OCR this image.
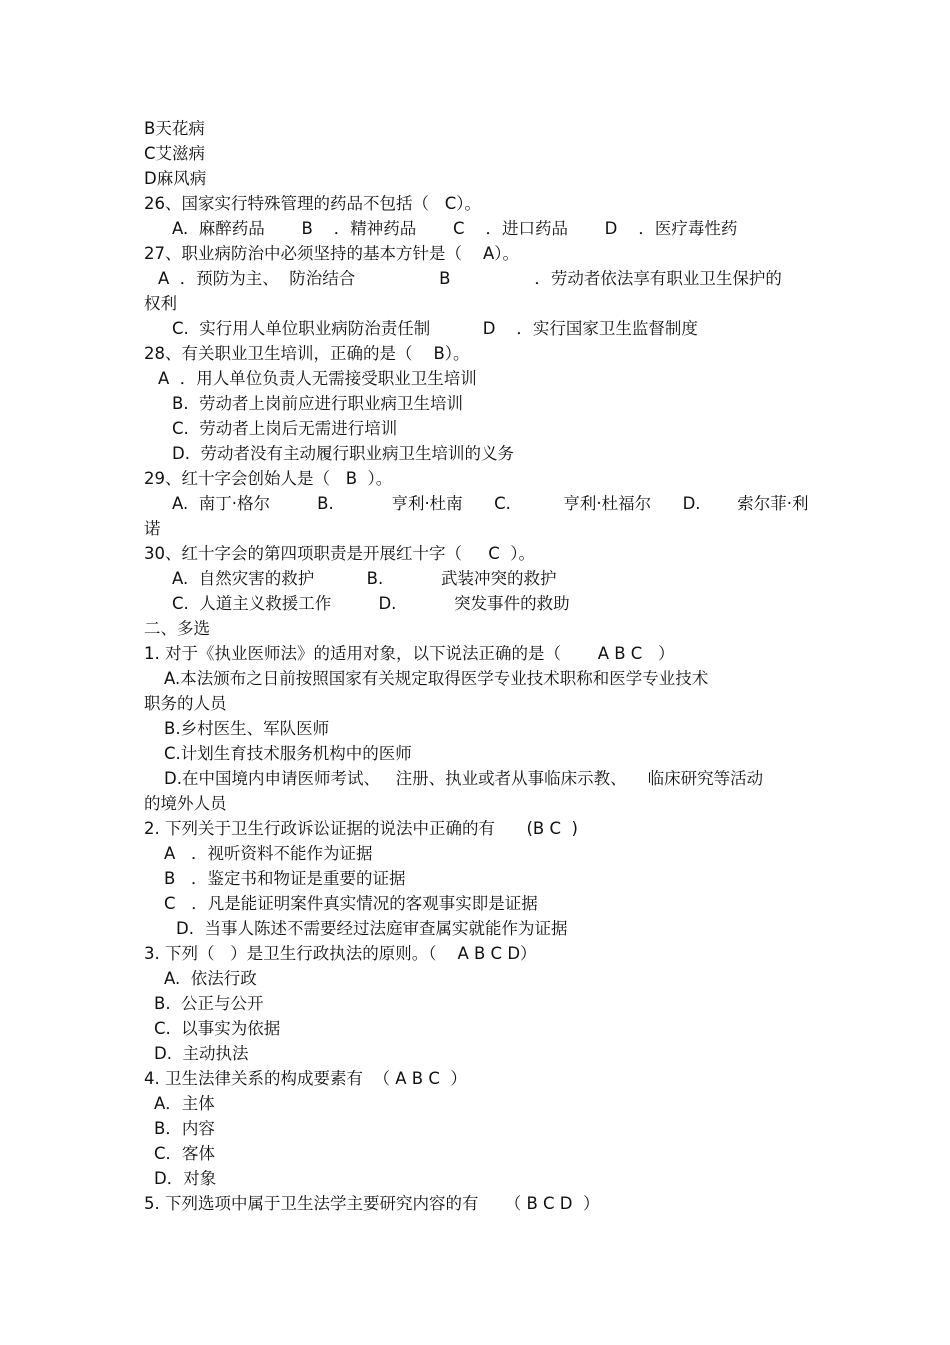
B天花病
C艾滋病
D麻风病
26、国家实行特殊管理的药品不包括（   C）。
A.  麻醉药品       B    ．精神药品       C    ．进口药品       D    ．医疗毒性药
27、职业病防治中必须坚持的基本方针是（    A）。
A  ．预防为主、  防治结合                B                ．劳动者依法享有职业卫生保护的
权利
C.  实行用人单位职业病防治责任制          D    ．实行国家卫生监督制度
28、有关职业卫生培训，正确的是（    B）。
A  ．用人单位负责人无需接受职业卫生培训
B.  劳动者上岗前应进行职业病卫生培训
C.  劳动者上岗后无需进行培训
D.  劳动者没有主动履行职业病卫生培训的义务
29、红十字会创始人是（   B  ）。
A.  南丁·格尔         B.           亨利·杜南      C.          亨利·杜福尔      D.       索尔菲·利
诺
30、红十字会的第四项职责是开展红十字（     C  ）。
A.  自然灾害的救护          B.           武装冲突的救护
C.  人道主义救援工作         D.           突发事件的救助
二、多选
1. 对于《执业医师法》的适用对象，以下说法正确的是（       A B C   ）
A.本法颁布之日前按照国家有关规定取得医学专业技术职称和医学专业技术
职务的人员
B.乡村医生、军队医师
C.计划生育技术服务机构中的医师
D.在中国境内申请医师考试、   注册、执业或者从事临床示教、    临床研究等活动
的境外人员
2. 下列关于卫生行政诉讼证据的说法中正确的有      (B C  )
A   ．视听资料不能作为证据
B   ．鉴定书和物证是重要的证据
C   ．凡是能证明案件真实情况的客观事实即是证据
D.  当事人陈述不需要经过法庭审查属实就能作为证据
3. 下列（   ）是卫生行政执法的原则。（    A B C D）
A.  依法行政
B.  公正与公开
C.  以事实为依据
D.  主动执法
4. 卫生法律关系的构成要素有  （ A B C  ）
A．主体
B．内容
C．客体
D．对象
5. 下列选项中属于卫生法学主要研究内容的有     （ B C D  ）
